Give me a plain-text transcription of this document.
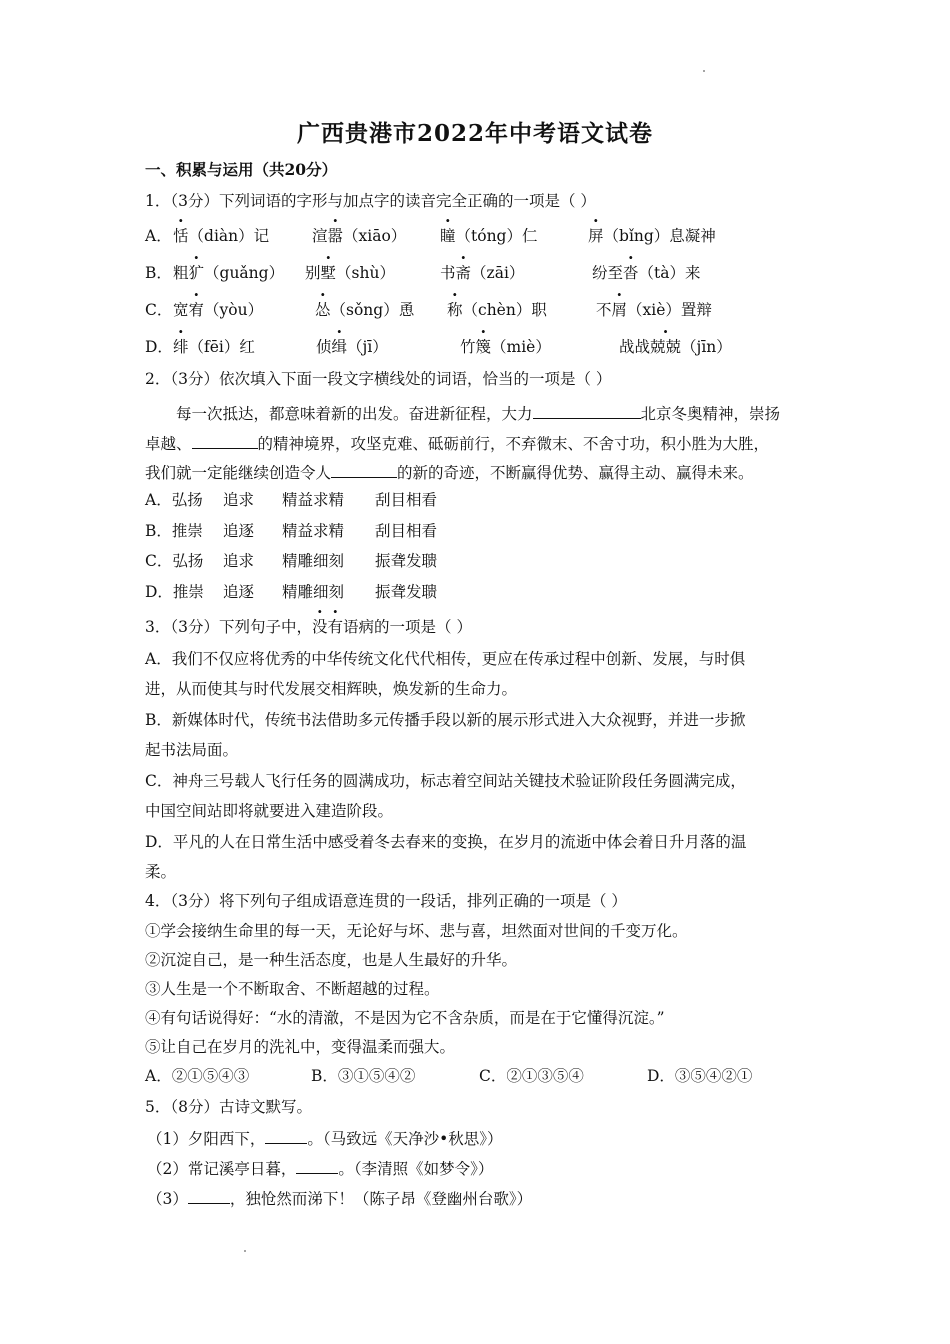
广西贵港市2022年中考语文试卷
一、积累与运用（共20分）
1．（3分）下列词语的字形与加点字的读音完全正确的一项是（ ）
A． 恬（diàn）记	渲嚣（xiāo） 瞳（tóng）仁	屏（bǐng）息凝神
B． 粗犷（guǎng） 别墅（shù）	书斋（zāi）	纷至沓（tà）来
C． 宽宥（yòu）	怂（sǒng）恿 称（chèn）职	不屑（xiè）置辩
D． 绯（fēi）红	侦缉（jī）	竹篾（miè）	战战兢兢（jīn）
2．（3分）依次填入下面一段文字横线处的词语，恰当的一项是（ ）
每一次抵达，都意味着新的出发。奋进新征程，大力	北京冬奥精神，崇扬
卓越、	的精神境界，攻坚克难、砥砺前行，不弃微末、不舍寸功，积小胜为大胜，
我们就一定能继续创造令人	的新的奇迹，不断赢得优势、赢得主动、赢得未来。
A．弘扬 追求 精益求精 刮目相看
B．推崇 追逐 精益求精 刮目相看
C．弘扬 追求 精雕细刻 振聋发聩
D．推崇 追逐 精雕细刻 振聋发聩
3．（3分）下列句子中，没有语病的一项是（ ）
A．我们不仅应将优秀的中华传统文化代代相传，更应在传承过程中创新、发展，与时俱
进，从而使其与时代发展交相辉映，焕发新的生命力。
B．新媒体时代，传统书法借助多元传播手段以新的展示形式进入大众视野，并进一步掀
起书法局面。
C．神舟三号载人飞行任务的圆满成功，标志着空间站关键技术验证阶段任务圆满完成，
中国空间站即将就要进入建造阶段。
D．平凡的人在日常生活中感受着冬去春来的变换，在岁月的流逝中体会着日升月落的温
柔。
4．（3分）将下列句子组成语意连贯的一段话，排列正确的一项是（ ）
①学会接纳生命里的每一天，无论好与坏、悲与喜，坦然面对世间的千变万化。
②沉淀自己，是一种生活态度，也是人生最好的升华。
③人生是一个不断取舍、不断超越的过程。
④有句话说得好：“水的清澈，不是因为它不含杂质，而是在于它懂得沉淀。”
⑤让自己在岁月的洗礼中，变得温柔而强大。
A．②①⑤④③	B．③①⑤④②	C．②①③⑤④	D．③⑤④②①
5．（8分）古诗文默写。
（1）夕阳西下，	。（马致远《天净沙•秋思》）
（2）常记溪亭日暮，	。（李清照《如梦令》）
（3）	，独怆然而涕下！（陈子昂《登幽州台歌》）
